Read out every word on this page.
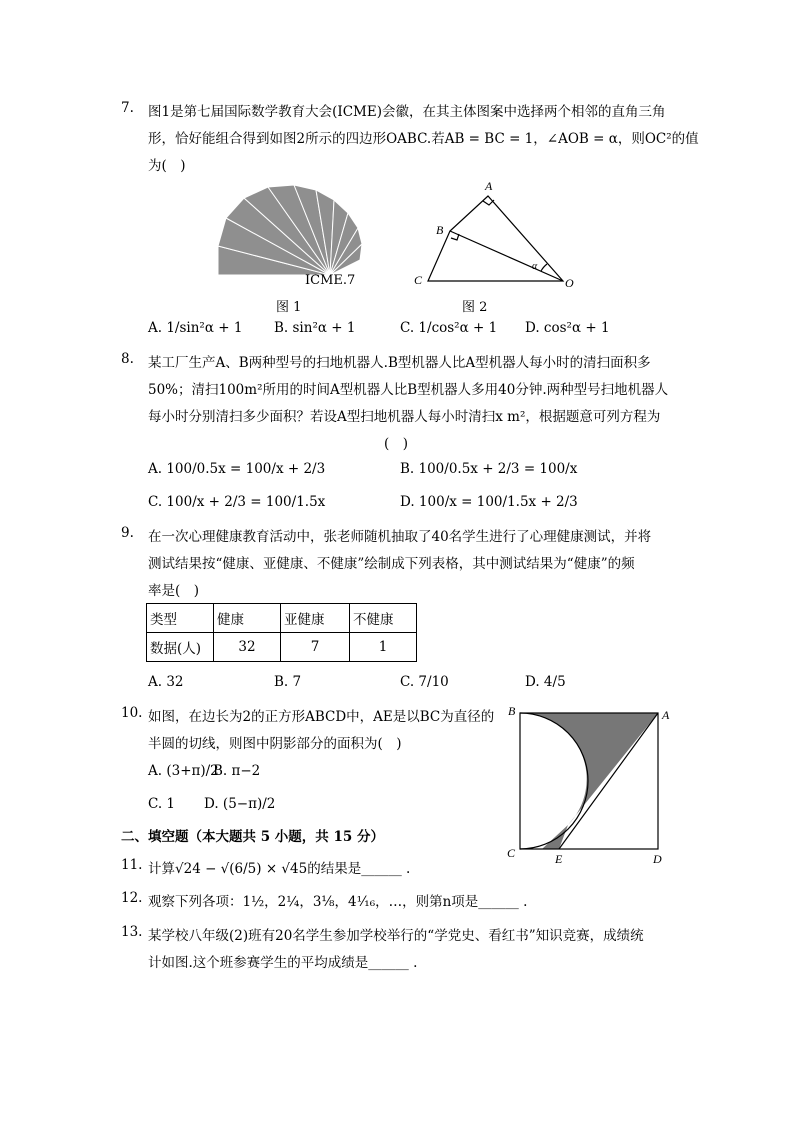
7. 图1是第七届国际数学教育大会(ICME)会徽，在其主体图案中选择两个相邻的直角三角
形，恰好能组合得到如图2所示的四边形OABC.若AB = BC = 1，∠AOB = α，则OC²的值
为(　)
ICME.7
图 1
A
B
C	O
α
图 2
A. 1/sin²α + 1 B. sin²α + 1	C. 1/cos²α + 1 D. cos²α + 1
8. 某工厂生产A、B两种型号的扫地机器人.B型机器人比A型机器人每小时的清扫面积多
50%；清扫100m²所用的时间A型机器人比B型机器人多用40分钟.两种型号扫地机器人
每小时分别清扫多少面积？若设A型扫地机器人每小时清扫x m²，根据题意可列方程为
(　)
A. 100/0.5x = 100/x + 2/3	B. 100/0.5x + 2/3 = 100/x
C. 100/x + 2/3 = 100/1.5x	D. 100/x = 100/1.5x + 2/3
9. 在一次心理健康教育活动中，张老师随机抽取了40名学生进行了心理健康测试，并将
测试结果按“健康、亚健康、不健康”绘制成下列表格，其中测试结果为“健康”的频
率是(　)
类型	健康	亚健康	不健康
数据(人)	32	7	1
A. 32	B. 7	C. 7/10	D. 4/5
10. 如图，在边长为2的正方形ABCD中，AE是以BC为直径的
半圆的切线，则图中阴影部分的面积为(　)
A. (3+π)/2
B. π−2
C. 1 D. (5−π)/2
B	A
C	E	D
二、填空题（本大题共 5 小题，共 15 分）
11. 计算√24 − √(6/5) × √45的结果是______ .
12. 观察下列各项：1½，2¼，3⅛，4¹⁄₁₆，…，则第n项是______ .
13. 某学校八年级(2)班有20名学生参加学校举行的“学党史、看红书”知识竞赛，成绩统
计如图.这个班参赛学生的平均成绩是______ .
